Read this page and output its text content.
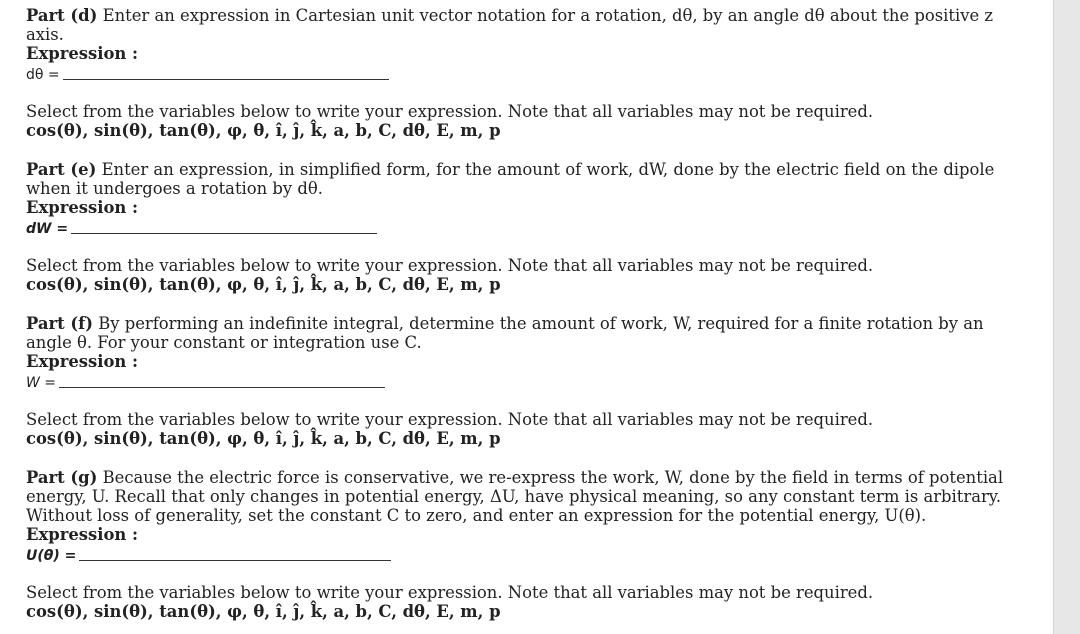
Part (d) Enter an expression in Cartesian unit vector notation for a rotation, dθ, by an angle dθ about the positive z axis.

Expression :

dθ =

Select from the variables below to write your expression. Note that all variables may not be required.

cos(θ), sin(θ), tan(θ), φ, θ, î, ĵ, k̂, a, b, C, dθ, E, m, p

Part (e) Enter an expression, in simplified form, for the amount of work, dW, done by the electric field on the dipole when it undergoes a rotation by dθ.

Expression :

dW =

Select from the variables below to write your expression. Note that all variables may not be required.

cos(θ), sin(θ), tan(θ), φ, θ, î, ĵ, k̂, a, b, C, dθ, E, m, p

Part (f) By performing an indefinite integral, determine the amount of work, W, required for a finite rotation by an angle θ. For your constant or integration use C.

Expression :

W =

Select from the variables below to write your expression. Note that all variables may not be required.

cos(θ), sin(θ), tan(θ), φ, θ, î, ĵ, k̂, a, b, C, dθ, E, m, p

Part (g) Because the electric force is conservative, we re-express the work, W, done by the field in terms of potential energy, U. Recall that only changes in potential energy, ΔU, have physical meaning, so any constant term is arbitrary. Without loss of generality, set the constant C to zero, and enter an expression for the potential energy, U(θ).

Expression :

U(θ) =

Select from the variables below to write your expression. Note that all variables may not be required.

cos(θ), sin(θ), tan(θ), φ, θ, î, ĵ, k̂, a, b, C, dθ, E, m, p
